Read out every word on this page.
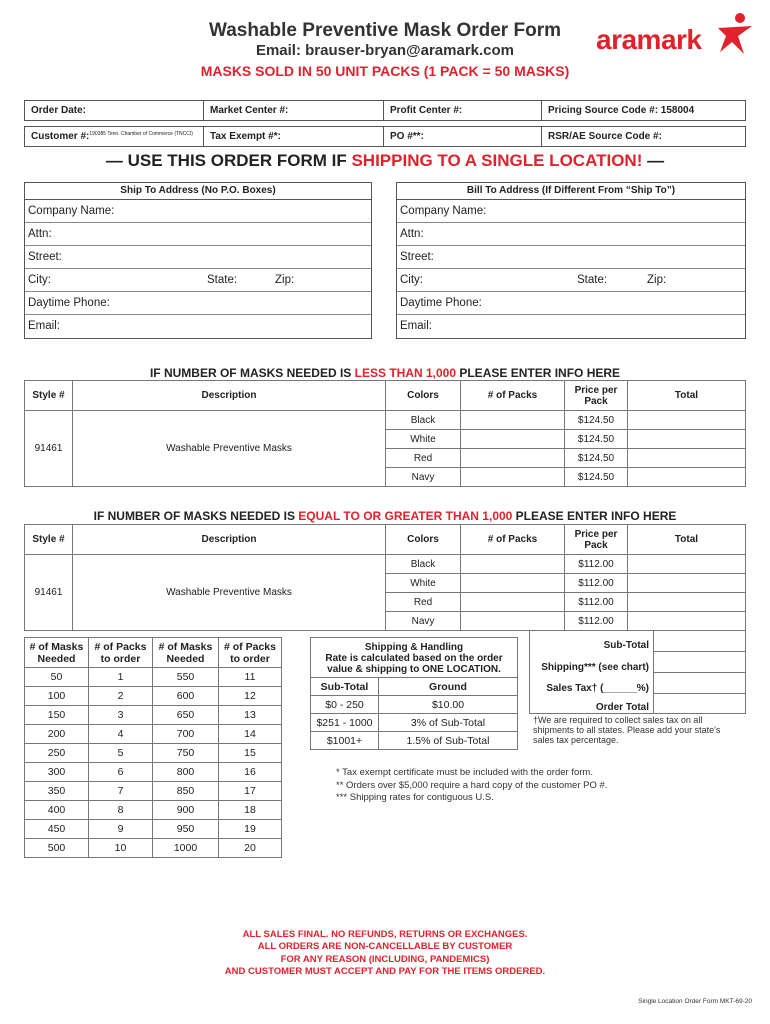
Washable Preventive Mask Order Form
Email: brauser-bryan@aramark.com
MASKS SOLD IN 50 UNIT PACKS (1 PACK = 50 MASKS)
aramark
Order Date:	Market Center #:	Profit Center #:	Pricing Source Code #: 158004

Customer #:$^{190385 Tenn. Chamber of Commerce (TNCCI)}$	Tax Exempt #*:	PO #**:	RSR/AE Source Code #:
— USE THIS ORDER FORM IF SHIPPING TO A SINGLE LOCATION! —
Ship To Address (No P.O. Boxes)
Company Name:
Attn:
Street:
City:	State:	Zip:
Daytime Phone:
Email:
Bill To Address (If Different From “Ship To”)
Company Name:
Attn:
Street:
City:	State:	Zip:
Daytime Phone:
Email:
IF NUMBER OF MASKS NEEDED IS LESS THAN 1,000 PLEASE ENTER INFO HERE
Style #	Description	Colors	# of Packs	Price per Pack	Total
91461	Washable Preventive Masks	Black		$124.50	
		White		$124.50	
		Red		$124.50	
		Navy		$124.50	
IF NUMBER OF MASKS NEEDED IS EQUAL TO OR GREATER THAN 1,000 PLEASE ENTER INFO HERE
Style #	Description	Colors	# of Packs	Price per Pack	Total
91461	Washable Preventive Masks	Black		$112.00	
		White		$112.00	
		Red		$112.00	
		Navy		$112.00	
# of Masks Needed	# of Packs to order	# of Masks Needed	# of Packs to order
50	1	550	11
100	2	600	12
150	3	650	13
200	4	700	14
250	5	750	15
300	6	800	16
350	7	850	17
400	8	900	18
450	9	950	19
500	10	1000	20
Shipping & Handling
Rate is calculated based on the order value & shipping to ONE LOCATION.
Sub-Total	Ground
$0 - 250	$10.00
$251 - 1000	3% of Sub-Total
$1001+	1.5% of Sub-Total
Sub-Total
Shipping*** (see chart)
Sales Tax† (______%)
Order Total
†We are required to collect sales tax on all shipments to all states. Please add your state's sales tax percentage.
* Tax exempt certificate must be included with the order form.
** Orders over $5,000 require a hard copy of the customer PO #.
*** Shipping rates for contiguous U.S.
ALL SALES FINAL. NO REFUNDS, RETURNS OR EXCHANGES.
ALL ORDERS ARE NON-CANCELLABLE BY CUSTOMER
FOR ANY REASON (INCLUDING, PANDEMICS)
AND CUSTOMER MUST ACCEPT AND PAY FOR THE ITEMS ORDERED.
Single Location Order Form MKT-69-20
